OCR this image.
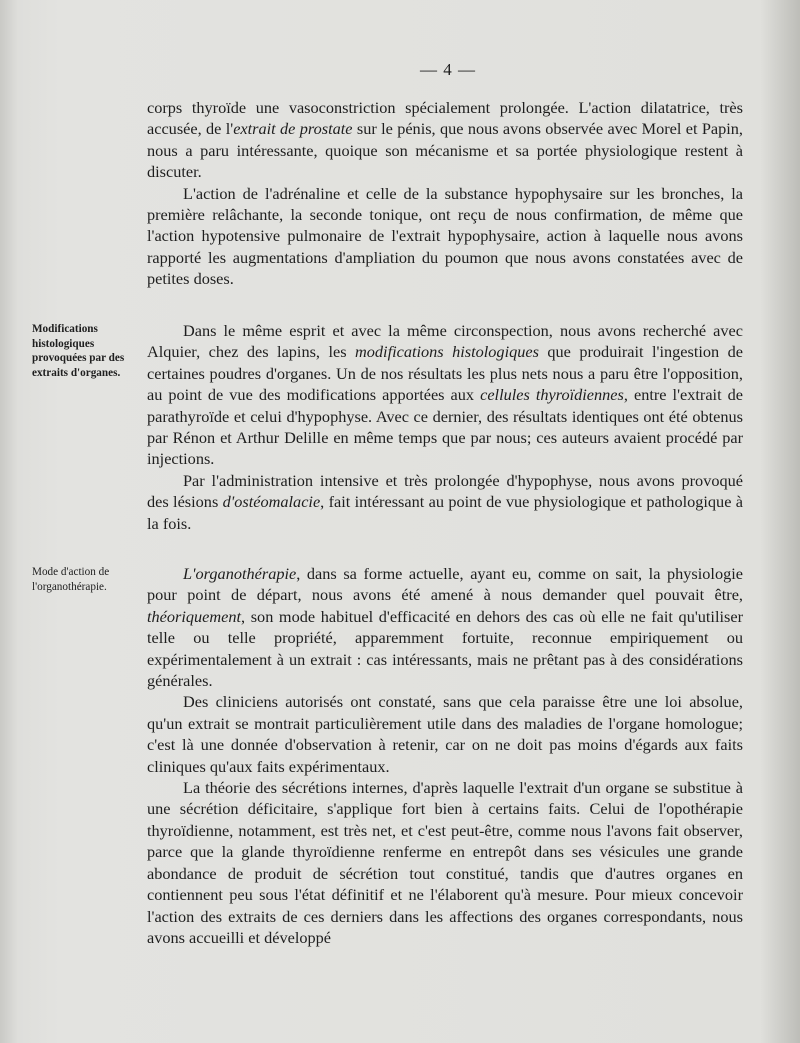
— 4 —

corps thyroïde une vasoconstriction spécialement prolongée. L'action dilatatrice, très accusée, de l'extrait de prostate sur le pénis, que nous avons observée avec Morel et Papin, nous a paru intéressante, quoique son mécanisme et sa portée physiologique restent à discuter.

L'action de l'adrénaline et celle de la substance hypophysaire sur les bronches, la première relâchante, la seconde tonique, ont reçu de nous confirmation, de même que l'action hypotensive pulmonaire de l'extrait hypophysaire, action à laquelle nous avons rapporté les augmentations d'ampliation du poumon que nous avons constatées avec de petites doses.

Modifications histologiques provoquées par des extraits d'organes.

Dans le même esprit et avec la même circonspection, nous avons recherché avec Alquier, chez des lapins, les modifications histologiques que produirait l'ingestion de certaines poudres d'organes. Un de nos résultats les plus nets nous a paru être l'opposition, au point de vue des modifications apportées aux cellules thyroïdiennes, entre l'extrait de parathyroïde et celui d'hypophyse. Avec ce dernier, des résultats identiques ont été obtenus par Rénon et Arthur Delille en même temps que par nous; ces auteurs avaient procédé par injections.

Par l'administration intensive et très prolongée d'hypophyse, nous avons provoqué des lésions d'ostéomalacie, fait intéressant au point de vue physiologique et pathologique à la fois.

Mode d'action de l'organothérapie.

L'organothérapie, dans sa forme actuelle, ayant eu, comme on sait, la physiologie pour point de départ, nous avons été amené à nous demander quel pouvait être, théoriquement, son mode habituel d'efficacité en dehors des cas où elle ne fait qu'utiliser telle ou telle propriété, apparemment fortuite, reconnue empiriquement ou expérimentalement à un extrait : cas intéressants, mais ne prêtant pas à des considérations générales.

Des cliniciens autorisés ont constaté, sans que cela paraisse être une loi absolue, qu'un extrait se montrait particulièrement utile dans des maladies de l'organe homologue; c'est là une donnée d'observation à retenir, car on ne doit pas moins d'égards aux faits cliniques qu'aux faits expérimentaux.

La théorie des sécrétions internes, d'après laquelle l'extrait d'un organe se substitue à une sécrétion déficitaire, s'applique fort bien à certains faits. Celui de l'opothérapie thyroïdienne, notamment, est très net, et c'est peut-être, comme nous l'avons fait observer, parce que la glande thyroïdienne renferme en entrepôt dans ses vésicules une grande abondance de produit de sécrétion tout constitué, tandis que d'autres organes en contiennent peu sous l'état définitif et ne l'élaborent qu'à mesure. Pour mieux concevoir l'action des extraits de ces derniers dans les affections des organes correspondants, nous avons accueilli et développé
